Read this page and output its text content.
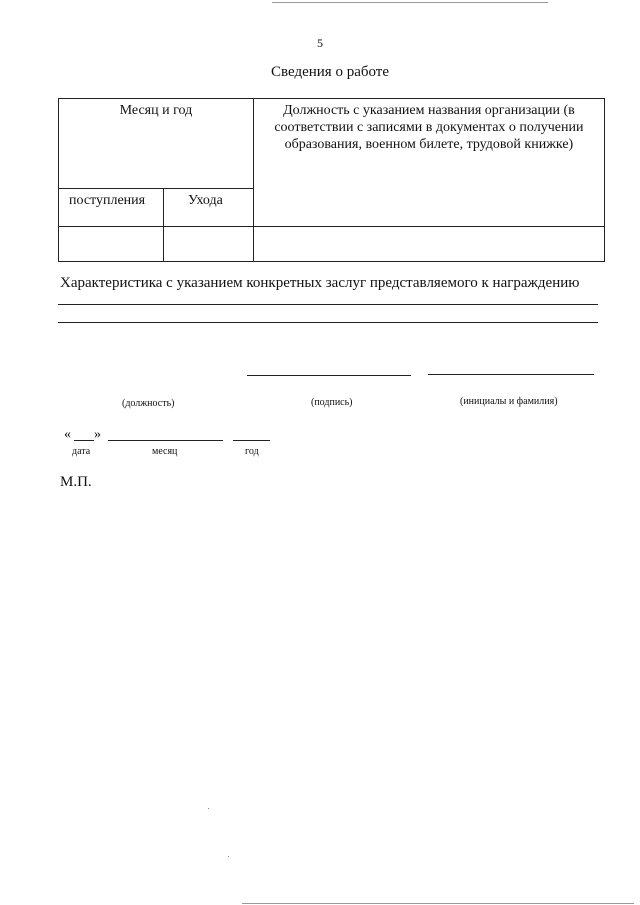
5
Сведения о работе
Месяц и год		Должность с указанием названия организации (в соответствии с записями в документах о получении образования, военном билете, трудовой книжке)
поступления	Ухода	

Характеристика с указанием конкретных заслуг представляемого к награждению
(должность)	(подпись)	(инициалы и фамилия)
« »
дата	месяц	год
М.П.
